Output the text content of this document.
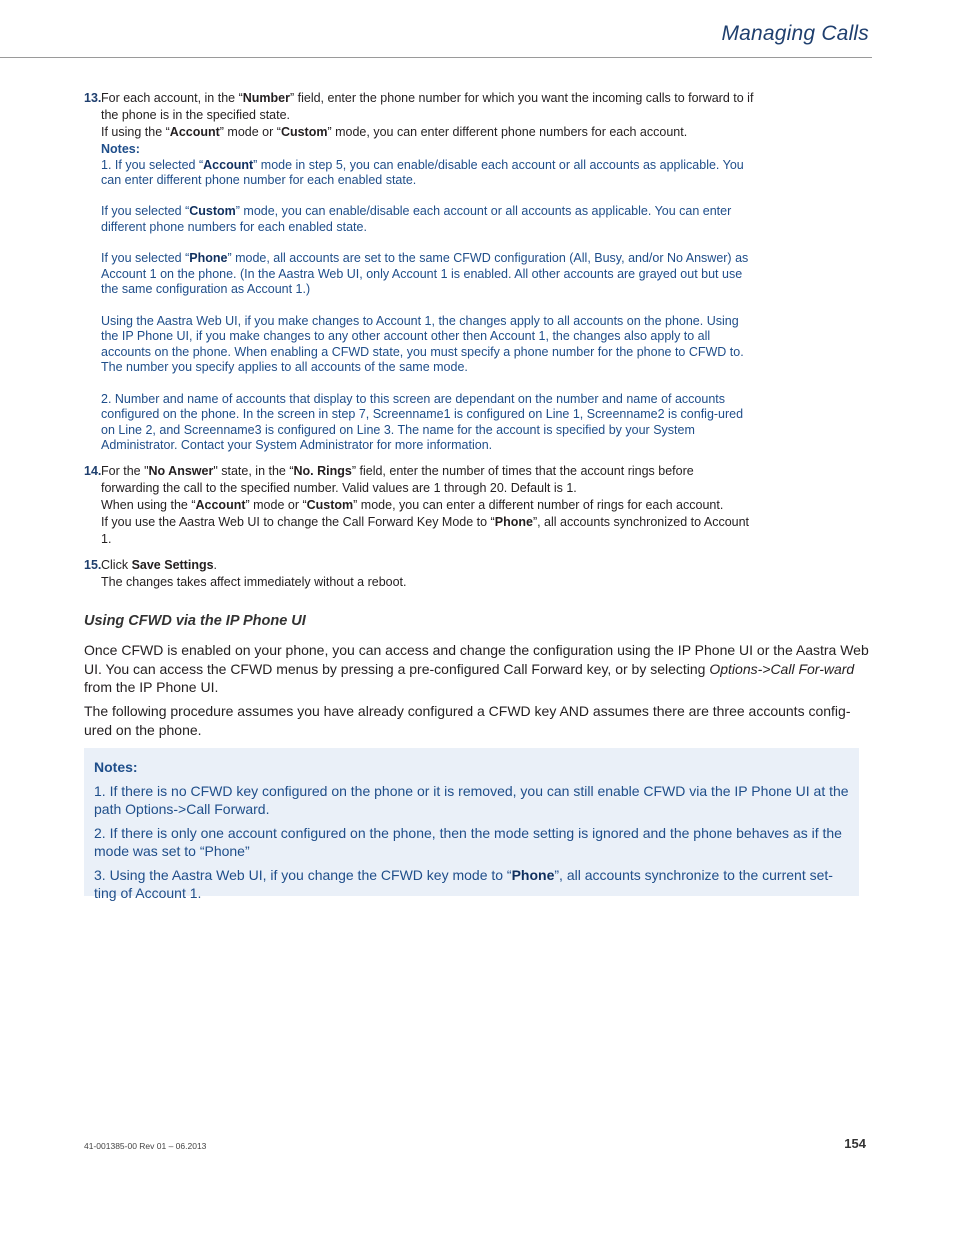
Managing Calls
13. For each account, in the “Number” field, enter the phone number for which you want the incoming calls to forward to if the phone is in the specified state.

If using the “Account” mode or “Custom” mode, you can enter different phone numbers for each account.

Notes:

1. If you selected “Account” mode in step 5, you can enable/disable each account or all accounts as applicable. You can enter different phone number for each enabled state.

If you selected “Custom” mode, you can enable/disable each account or all accounts as applicable. You can enter different phone numbers for each enabled state.

If you selected “Phone” mode, all accounts are set to the same CFWD configuration (All, Busy, and/or No Answer) as Account 1 on the phone. (In the Aastra Web UI, only Account 1 is enabled. All other accounts are grayed out but use the same configuration as Account 1.)

Using the Aastra Web UI, if you make changes to Account 1, the changes apply to all accounts on the phone. Using the IP Phone UI, if you make changes to any other account other then Account 1, the changes also apply to all accounts on the phone. When enabling a CFWD state, you must specify a phone number for the phone to CFWD to. The number you specify applies to all accounts of the same mode.

2. Number and name of accounts that display to this screen are dependant on the number and name of accounts configured on the phone. In the screen in step 7, Screenname1 is configured on Line 1, Screenname2 is config-ured on Line 2, and Screenname3 is configured on Line 3. The name for the account is specified by your System Administrator. Contact your System Administrator for more information.

14. For the "No Answer" state, in the “No. Rings” field, enter the number of times that the account rings before forwarding the call to the specified number. Valid values are 1 through 20. Default is 1.

When using the “Account” mode or “Custom” mode, you can enter a different number of rings for each account.

If you use the Aastra Web UI to change the Call Forward Key Mode to “Phone”, all accounts synchronized to Account 1.

15. Click Save Settings.

The changes takes affect immediately without a reboot.

Using CFWD via the IP Phone UI
Once CFWD is enabled on your phone, you can access and change the configuration using the IP Phone UI or the Aastra Web UI. You can access the CFWD menus by pressing a pre-configured Call Forward key, or by selecting Options->Call For-ward from the IP Phone UI.
The following procedure assumes you have already configured a CFWD key AND assumes there are three accounts config-ured on the phone.
Notes:

1. If there is no CFWD key configured on the phone or it is removed, you can still enable CFWD via the IP Phone UI at the path Options->Call Forward.

2. If there is only one account configured on the phone, then the mode setting is ignored and the phone behaves as if the mode was set to “Phone”

3. Using the Aastra Web UI, if you change the CFWD key mode to “Phone”, all accounts synchronize to the current set-ting of Account 1.

41-001385-00 Rev 01 – 06.2013	154
